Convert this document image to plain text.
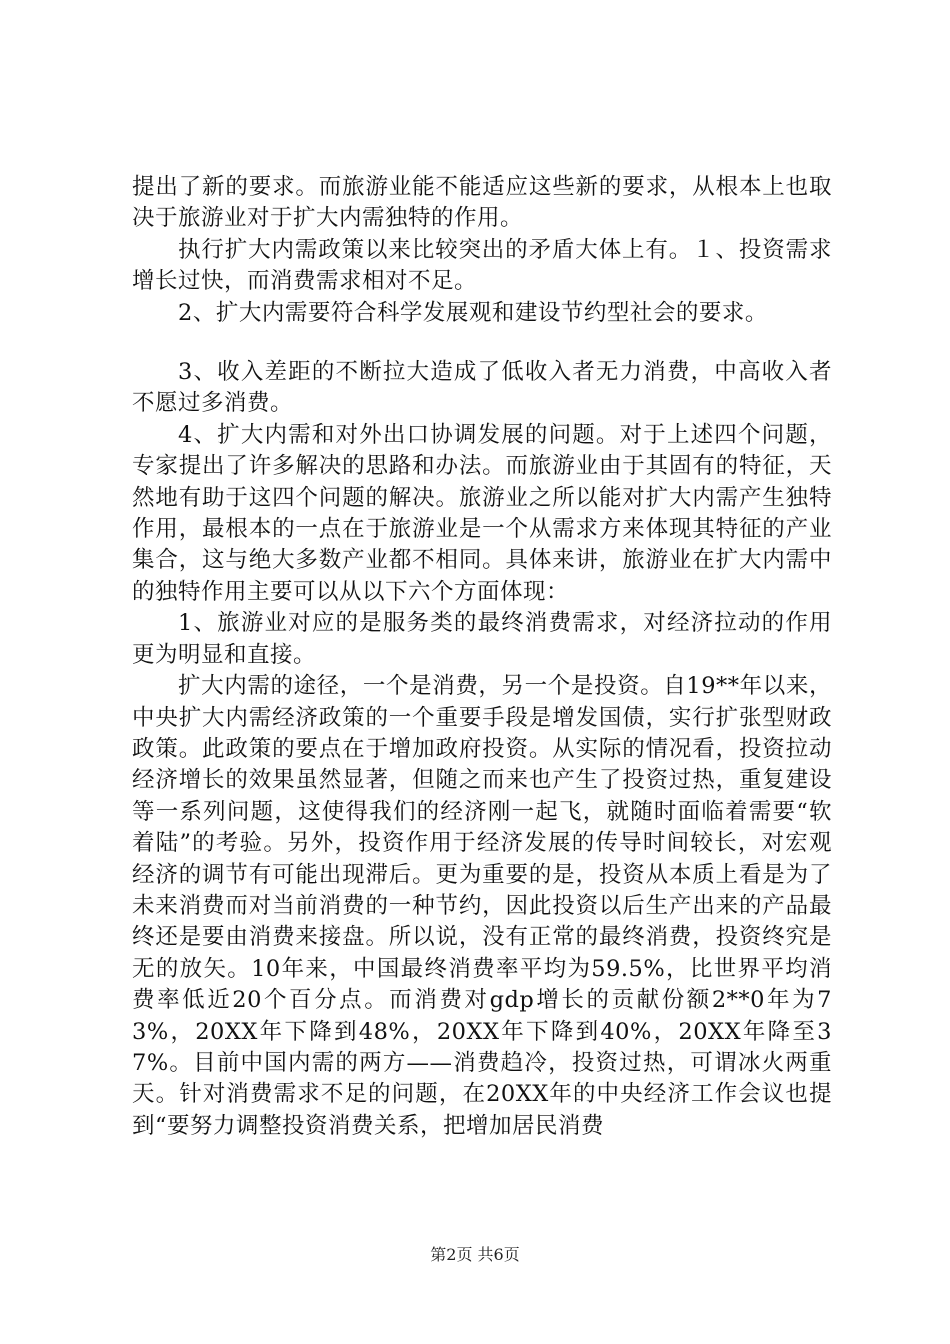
提出了新的要求。而旅游业能不能适应这些新的要求，从根本上也取决于旅游业对于扩大内需独特的作用。

执行扩大内需政策以来比较突出的矛盾大体上有。１、投资需求增长过快，而消费需求相对不足。

2、扩大内需要符合科学发展观和建设节约型社会的要求。

3、收入差距的不断拉大造成了低收入者无力消费，中高收入者不愿过多消费。

4、扩大内需和对外出口协调发展的问题。对于上述四个问题，专家提出了许多解决的思路和办法。而旅游业由于其固有的特征，天然地有助于这四个问题的解决。旅游业之所以能对扩大内需产生独特作用，最根本的一点在于旅游业是一个从需求方来体现其特征的产业集合，这与绝大多数产业都不相同。具体来讲，旅游业在扩大内需中的独特作用主要可以从以下六个方面体现：

1、旅游业对应的是服务类的最终消费需求，对经济拉动的作用更为明显和直接。

扩大内需的途径，一个是消费，另一个是投资。自19**年以来，中央扩大内需经济政策的一个重要手段是增发国债，实行扩张型财政政策。此政策的要点在于增加政府投资。从实际的情况看，投资拉动经济增长的效果虽然显著，但随之而来也产生了投资过热，重复建设等一系列问题，这使得我们的经济刚一起飞，就随时面临着需要“软着陆”的考验。另外，投资作用于经济发展的传导时间较长，对宏观经济的调节有可能出现滞后。更为重要的是，投资从本质上看是为了未来消费而对当前消费的一种节约，因此投资以后生产出来的产品最终还是要由消费来接盘。所以说，没有正常的最终消费，投资终究是无的放矢。10年来，中国最终消费率平均为59.5%，比世界平均消费率低近20个百分点。而消费对gdp增长的贡献份额2**0年为73%，20XX年下降到48%，20XX年下降到40%，20XX年降至37%。目前中国内需的两方——消费趋冷，投资过热，可谓冰火两重天。针对消费需求不足的问题，在20XX年的中央经济工作会议也提到“要努力调整投资消费关系，把增加居民消费

第2页 共6页
